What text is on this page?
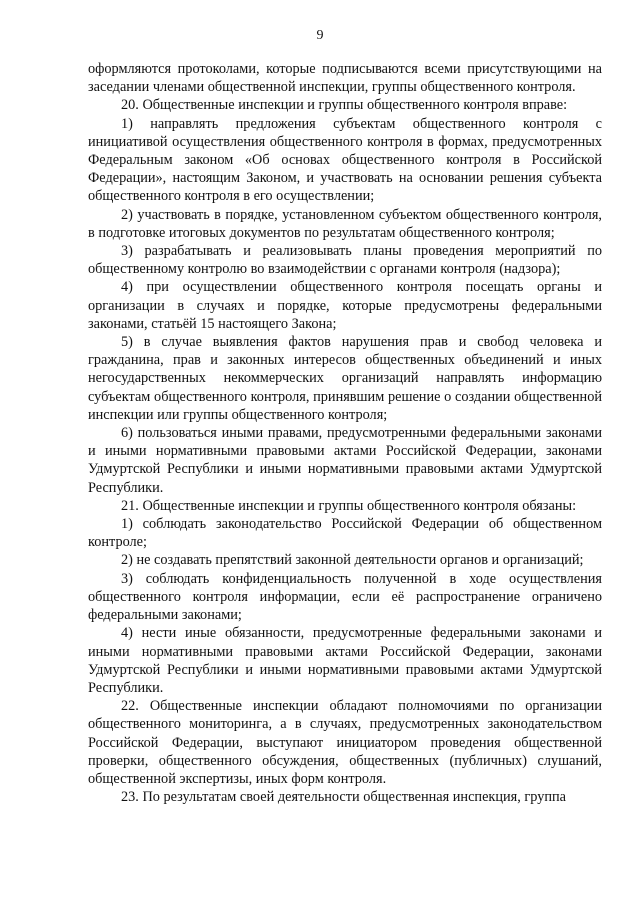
9

оформляются протоколами, которые подписываются всеми присутствующими на заседании членами общественной инспекции, группы общественного контроля.

20. Общественные инспекции и группы общественного контроля вправе:

1) направлять предложения субъектам общественного контроля с инициативой осуществления общественного контроля в формах, предусмотренных Федеральным законом «Об основах общественного контроля в Российской Федерации», настоящим Законом, и участвовать на основании решения субъекта общественного контроля в его осуществлении;

2) участвовать в порядке, установленном субъектом общественного контроля, в подготовке итоговых документов по результатам общественного контроля;

3) разрабатывать и реализовывать планы проведения мероприятий по общественному контролю во взаимодействии с органами контроля (надзора);

4) при осуществлении общественного контроля посещать органы и организации в случаях и порядке, которые предусмотрены федеральными законами, статьёй 15 настоящего Закона;

5) в случае выявления фактов нарушения прав и свобод человека и гражданина, прав и законных интересов общественных объединений и иных негосударственных некоммерческих организаций направлять информацию субъектам общественного контроля, принявшим решение о создании общественной инспекции или группы общественного контроля;

6) пользоваться иными правами, предусмотренными федеральными законами и иными нормативными правовыми актами Российской Федерации, законами Удмуртской Республики и иными нормативными правовыми актами Удмуртской Республики.

21. Общественные инспекции и группы общественного контроля обязаны:

1) соблюдать законодательство Российской Федерации об общественном контроле;

2) не создавать препятствий законной деятельности органов и организаций;

3) соблюдать конфиденциальность полученной в ходе осуществления общественного контроля информации, если её распространение ограничено федеральными законами;

4) нести иные обязанности, предусмотренные федеральными законами и иными нормативными правовыми актами Российской Федерации, законами Удмуртской Республики и иными нормативными правовыми актами Удмуртской Республики.

22. Общественные инспекции обладают полномочиями по организации общественного мониторинга, а в случаях, предусмотренных законодательством Российской Федерации, выступают инициатором проведения общественной проверки, общественного обсуждения, общественных (публичных) слушаний, общественной экспертизы, иных форм контроля.

23. По результатам своей деятельности общественная инспекция, группа
